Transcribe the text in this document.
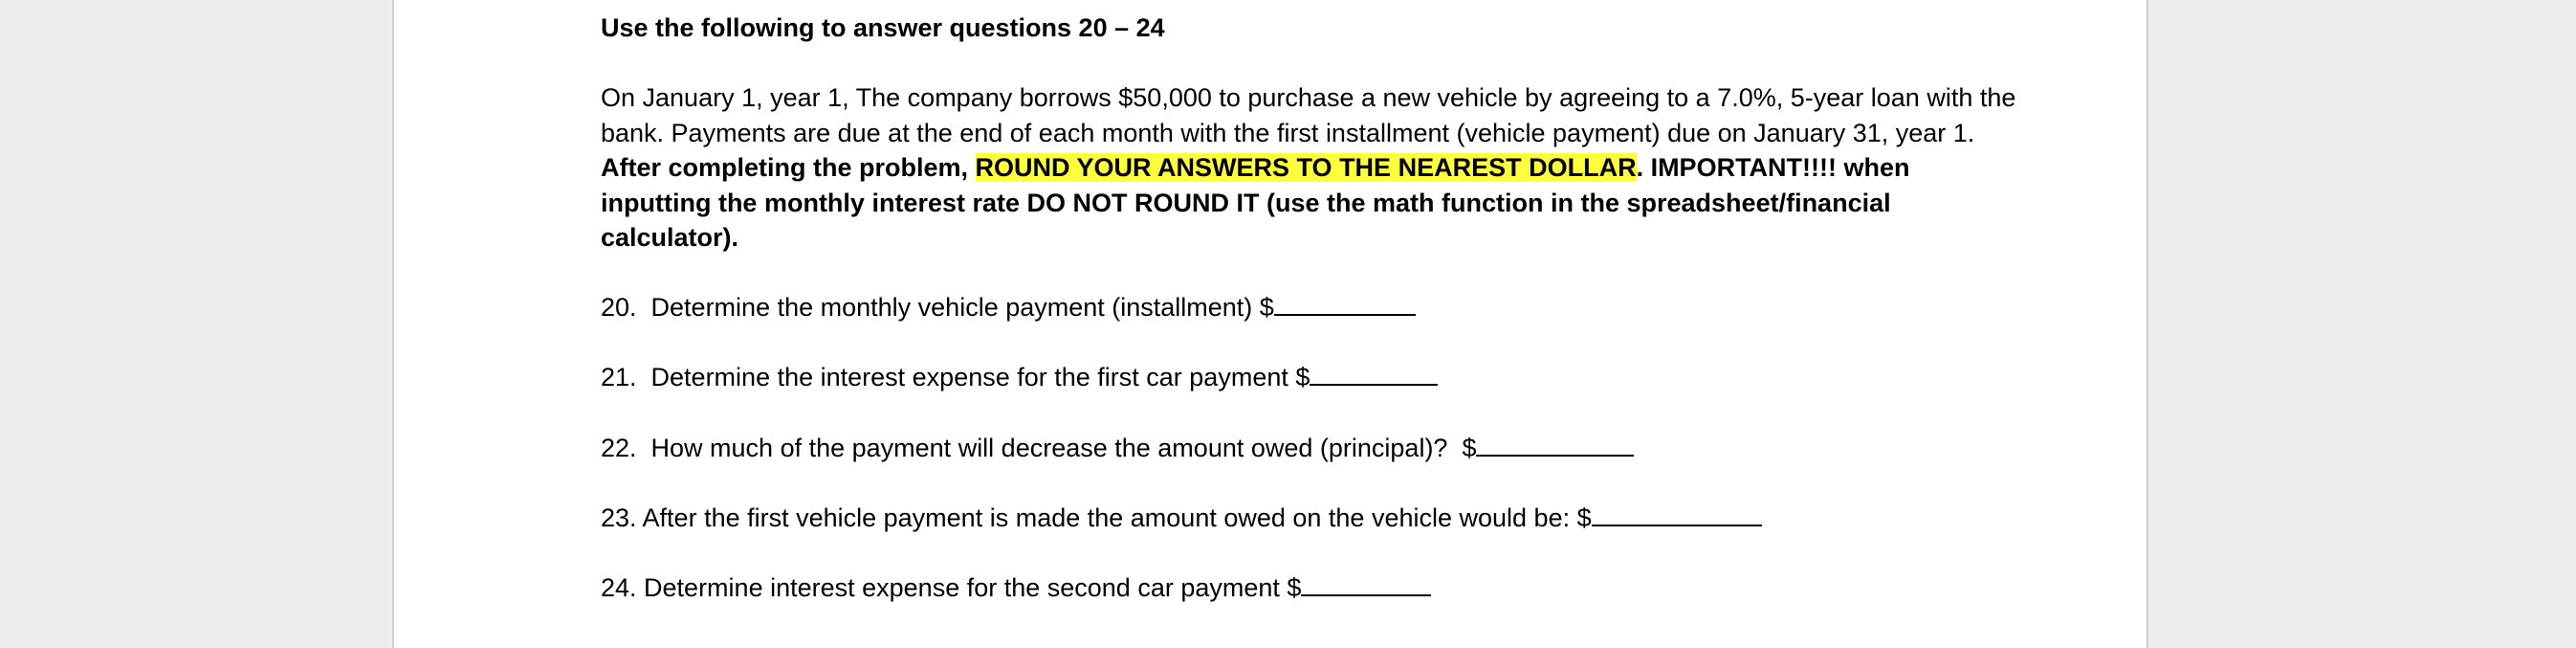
Use the following to answer questions 20 – 24

On January 1, year 1, The company borrows $50,000 to purchase a new vehicle by agreeing to a 7.0%, 5-year loan with the bank. Payments are due at the end of each month with the first installment (vehicle payment) due on January 31, year 1. After completing the problem, ROUND YOUR ANSWERS TO THE NEAREST DOLLAR. IMPORTANT!!!! when inputting the monthly interest rate DO NOT ROUND IT (use the math function in the spreadsheet/financial calculator).

20.  Determine the monthly vehicle payment (installment) $
21.  Determine the interest expense for the first car payment $
22.  How much of the payment will decrease the amount owed (principal)?  $
23. After the first vehicle payment is made the amount owed on the vehicle would be: $
24. Determine interest expense for the second car payment $
